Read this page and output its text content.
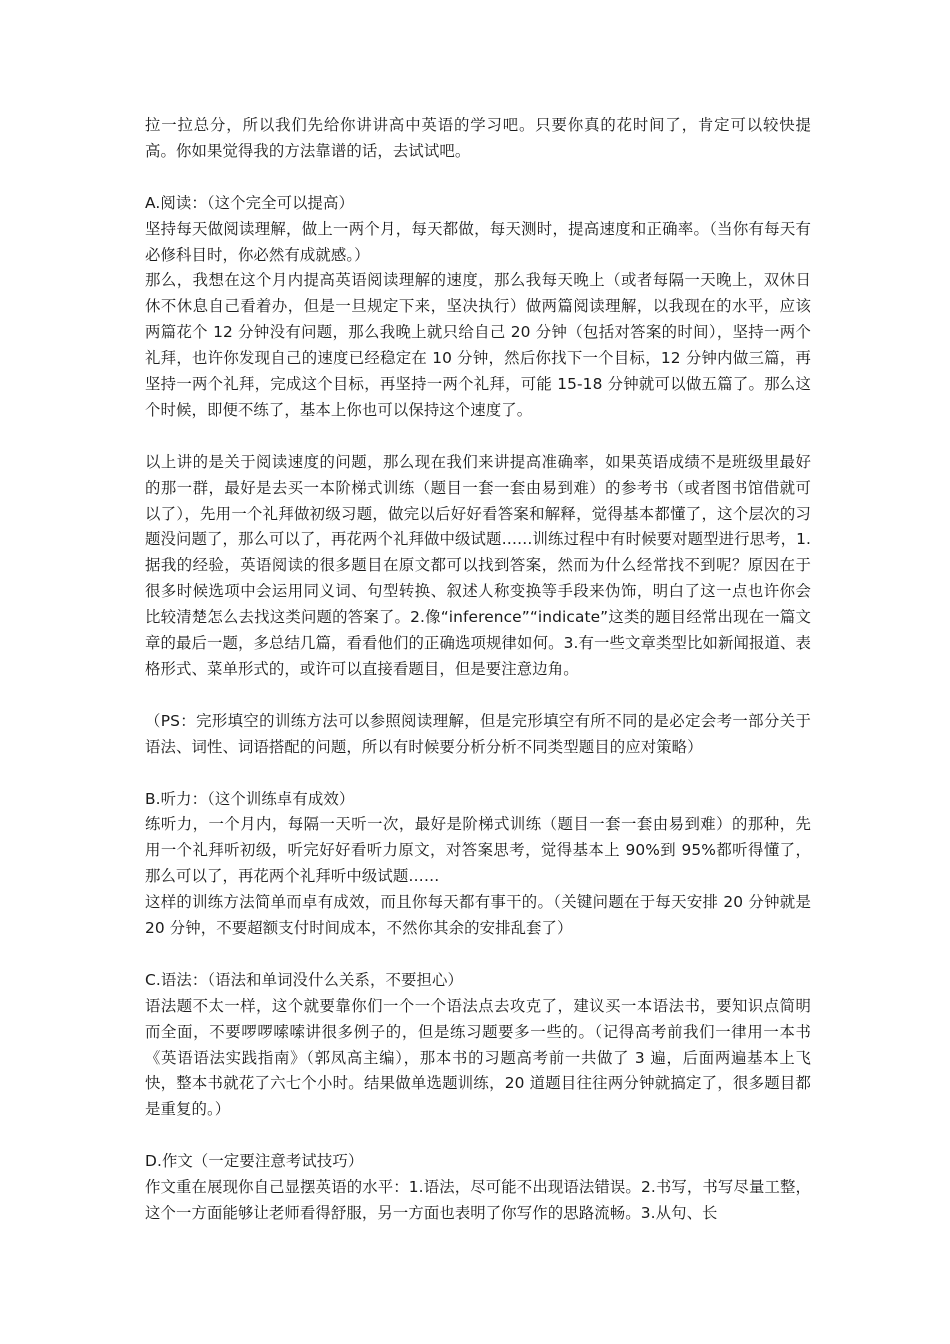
拉一拉总分，所以我们先给你讲讲高中英语的学习吧。只要你真的花时间了，肯定可以较快提高。你如果觉得我的方法靠谱的话，去试试吧。

A.阅读：（这个完全可以提高）

坚持每天做阅读理解，做上一两个月，每天都做，每天测时，提高速度和正确率。（当你有每天有必修科目时，你必然有成就感。）

那么，我想在这个月内提高英语阅读理解的速度，那么我每天晚上（或者每隔一天晚上，双休日休不休息自己看着办，但是一旦规定下来，坚决执行）做两篇阅读理解，以我现在的水平，应该两篇花个 12 分钟没有问题，那么我晚上就只给自己 20 分钟（包括对答案的时间），坚持一两个礼拜，也许你发现自己的速度已经稳定在 10 分钟，然后你找下一个目标，12 分钟内做三篇，再坚持一两个礼拜，完成这个目标，再坚持一两个礼拜，可能 15-18 分钟就可以做五篇了。那么这个时候，即便不练了，基本上你也可以保持这个速度了。

以上讲的是关于阅读速度的问题，那么现在我们来讲提高准确率，如果英语成绩不是班级里最好的那一群，最好是去买一本阶梯式训练（题目一套一套由易到难）的参考书（或者图书馆借就可以了），先用一个礼拜做初级习题，做完以后好好看答案和解释，觉得基本都懂了，这个层次的习题没问题了，那么可以了，再花两个礼拜做中级试题……训练过程中有时候要对题型进行思考，1.据我的经验，英语阅读的很多题目在原文都可以找到答案，然而为什么经常找不到呢？原因在于很多时候选项中会运用同义词、句型转换、叙述人称变换等手段来伪饰，明白了这一点也许你会比较清楚怎么去找这类问题的答案了。2.像“inference”“indicate”这类的题目经常出现在一篇文章的最后一题，多总结几篇，看看他们的正确选项规律如何。3.有一些文章类型比如新闻报道、表格形式、菜单形式的，或许可以直接看题目，但是要注意边角。

（PS：完形填空的训练方法可以参照阅读理解，但是完形填空有所不同的是必定会考一部分关于语法、词性、词语搭配的问题，所以有时候要分析分析不同类型题目的应对策略）

B.听力：（这个训练卓有成效）

练听力，一个月内，每隔一天听一次，最好是阶梯式训练（题目一套一套由易到难）的那种，先用一个礼拜听初级，听完好好看听力原文，对答案思考，觉得基本上 90%到 95%都听得懂了，那么可以了，再花两个礼拜听中级试题……

这样的训练方法简单而卓有成效，而且你每天都有事干的。（关键问题在于每天安排 20 分钟就是 20 分钟，不要超额支付时间成本，不然你其余的安排乱套了）

C.语法：（语法和单词没什么关系，不要担心）

语法题不太一样，这个就要靠你们一个一个语法点去攻克了，建议买一本语法书，要知识点简明而全面，不要啰啰嗦嗦讲很多例子的，但是练习题要多一些的。（记得高考前我们一律用一本书《英语语法实践指南》（郭凤高主编），那本书的习题高考前一共做了 3 遍，后面两遍基本上飞快，整本书就花了六七个小时。结果做单选题训练，20 道题目往往两分钟就搞定了，很多题目都是重复的。）

D.作文（一定要注意考试技巧）

作文重在展现你自己显摆英语的水平：1.语法，尽可能不出现语法错误。2.书写，书写尽量工整，这个一方面能够让老师看得舒服，另一方面也表明了你写作的思路流畅。3.从句、长
